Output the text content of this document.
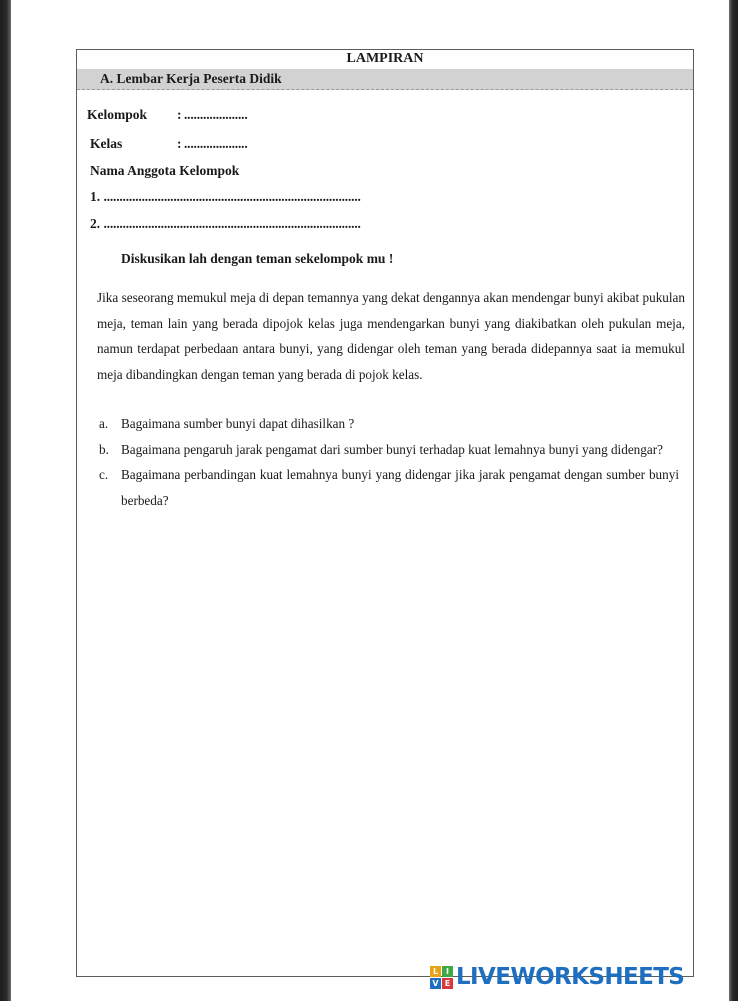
LAMPIRAN
A. Lembar Kerja Peserta Didik
Kelompok : ....................
Kelas	: ....................
Nama Anggota Kelompok
1. .................................................................................
2. .................................................................................
Diskusikan lah dengan teman sekelompok mu !
Jika seseorang memukul meja di depan temannya yang dekat dengannya akan mendengar bunyi akibat pukulan meja, teman lain yang berada dipojok kelas juga mendengarkan bunyi yang diakibatkan oleh pukulan meja, namun terdapat perbedaan antara bunyi, yang didengar oleh teman yang berada didepannya saat ia memukul meja dibandingkan dengan teman yang berada di pojok kelas.
a. Bagaimana sumber bunyi dapat dihasilkan ?
b. Bagaimana pengaruh jarak pengamat dari sumber bunyi terhadap kuat lemahnya bunyi yang didengar?
c. Bagaimana perbandingan kuat lemahnya bunyi yang didengar jika jarak pengamat dengan sumber bunyi berbeda?
L I
V E LIVEWORKSHEETS
